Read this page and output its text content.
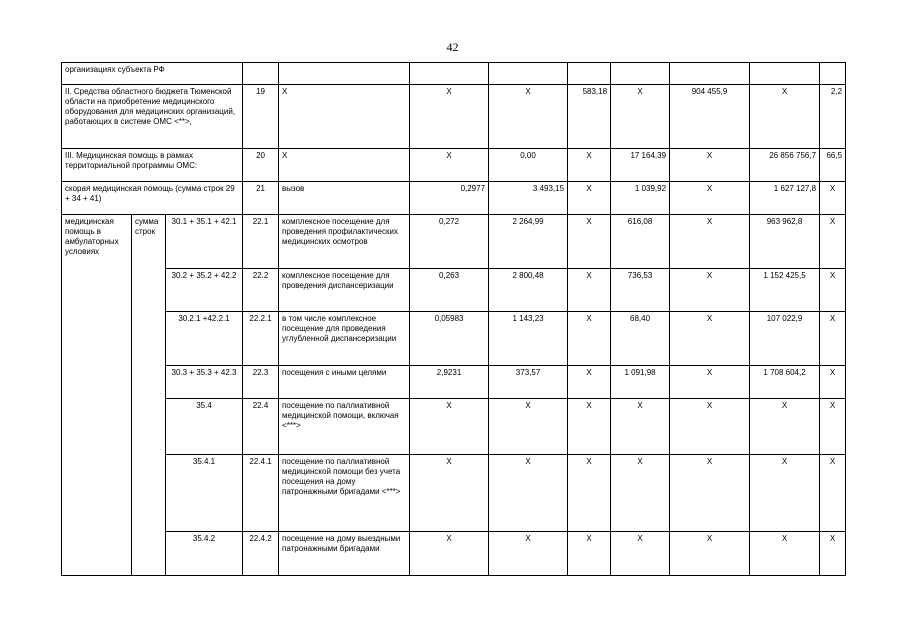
42
организациях субъекта РФ											
II. Средства областного бюджета Тюменской области на приобретение медицинского оборудования для медицинских организаций, работающих в системе ОМС <**>,			19	X	X	X	583,18	X	904 455,9	X	2,2
III. Медицинская помощь в рамках территориальной программы ОМС:			20	X	X	0,00	X	17 164,39	X	26 856 756,7	66,5
скорая медицинская помощь (сумма строк 29 + 34 + 41)			21	вызов	0,2977	3 493,15	X	1 039,92	X	1 627 127,8	X
медицинская помощь в амбулаторных условиях	сумма строк	30.1 + 35.1 + 42.1	22.1	комплексное посещение для проведения профилактических медицинских осмотров	0,272	2 264,99	X	616,08	X	963 962,8	X
		30.2 + 35.2 + 42.2	22.2	комплексное посещение для проведения диспансеризации	0,263	2 800,48	X	736,53	X	1 152 425,5	X
		30.2.1 +42.2.1	22.2.1	в том числе комплексное посещение для проведения углубленной диспансеризации	0,05983	1 143,23	X	68,40	X	107 022,9	X
		30.3 + 35.3 + 42.3	22.3	посещения с иными целями	2,9231	373,57	X	1 091,98	X	1 708 604,2	X
		35.4	22.4	посещение по паллиативной медицинской помощи, включая <***>	X	X	X	X	X	X	X
		35.4.1	22.4.1	посещение по паллиативной медицинской помощи без учета посещения на дому патронажными бригадами <***>	X	X	X	X	X	X	X
		35.4.2	22.4.2	посещение на дому выездными патронажными бригадами	X	X	X	X	X	X	X
